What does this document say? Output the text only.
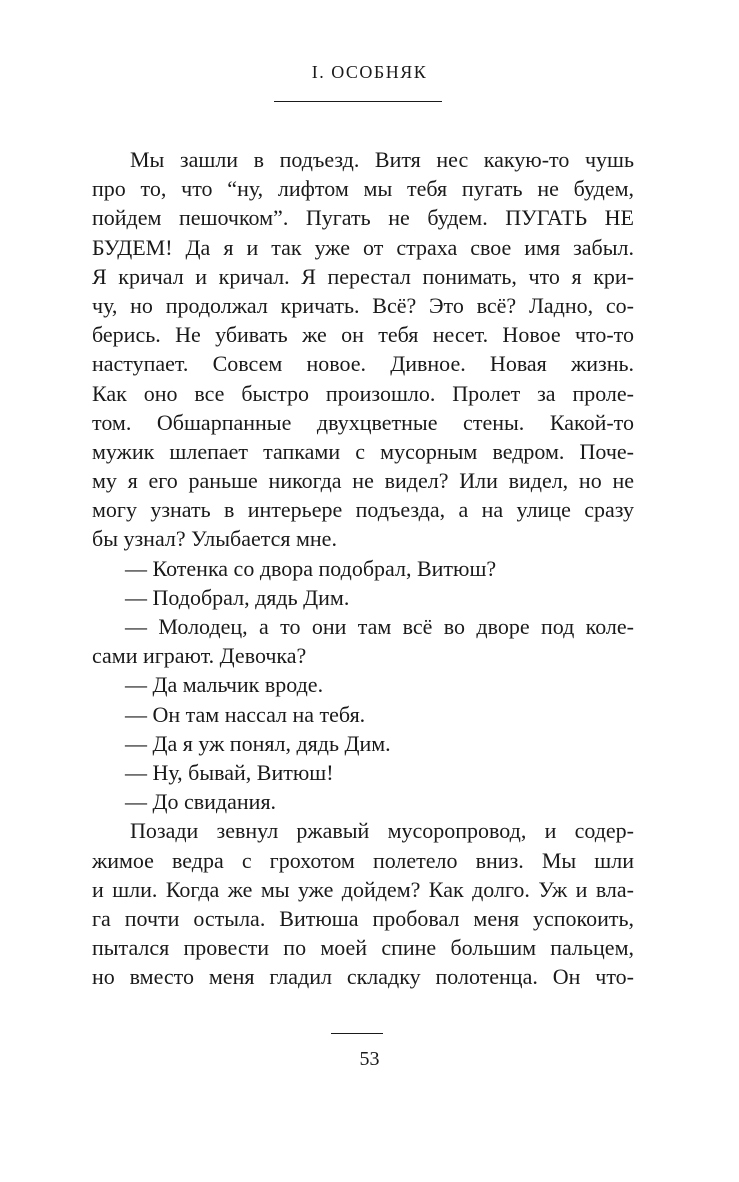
I. ОСОБНЯК
Мы зашли в подъезд. Витя нес какую-то чушь
про то, что “ну, лифтом мы тебя пугать не будем,
пойдем пешочком”. Пугать не будем. ПУГАТЬ НЕ
БУДЕМ! Да я и так уже от страха свое имя забыл.
Я кричал и кричал. Я перестал понимать, что я кри-
чу, но продолжал кричать. Всё? Это всё? Ладно, со-
берись. Не убивать же он тебя несет. Новое что-то
наступает. Совсем новое. Дивное. Новая жизнь.
Как оно все быстро произошло. Пролет за проле-
том. Обшарпанные двухцветные стены. Какой-то
мужик шлепает тапками с мусорным ведром. Поче-
му я его раньше никогда не видел? Или видел, но не
могу узнать в интерьере подъезда, а на улице сразу
бы узнал? Улыбается мне.
— Котенка со двора подобрал, Витюш?
— Подобрал, дядь Дим.
— Молодец, а то они там всё во дворе под коле-
сами играют. Девочка?
— Да мальчик вроде.
— Он там нассал на тебя.
— Да я уж понял, дядь Дим.
— Ну, бывай, Витюш!
— До свидания.
Позади зевнул ржавый мусоропровод, и содер-
жимое ведра с грохотом полетело вниз. Мы шли
и шли. Когда же мы уже дойдем? Как долго. Уж и вла-
га почти остыла. Витюша пробовал меня успокоить,
пытался провести по моей спине большим пальцем,
но вместо меня гладил складку полотенца. Он что-
53
